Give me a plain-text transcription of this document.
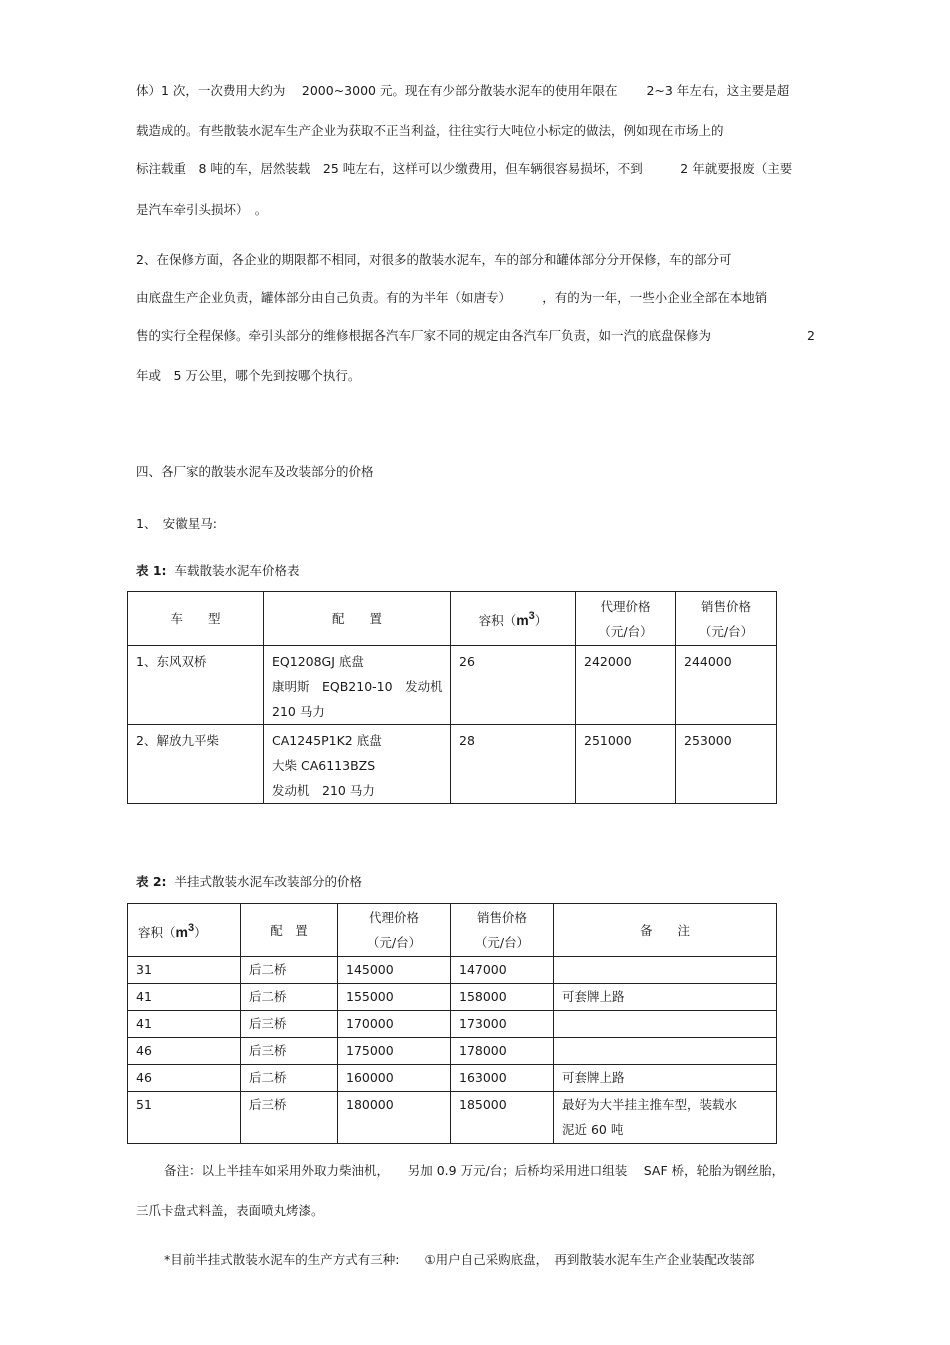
体）1 次，一次费用大约为　 2000~3000 元。现在有少部分散装水泥车的使用年限在　　 2~3 年左右，这主要是超
载造成的。有些散装水泥车生产企业为获取不正当利益，往往实行大吨位小标定的做法，例如现在市场上的
标注载重　8 吨的车，居然装载　25 吨左右，这样可以少缴费用，但车辆很容易损坏，不到　　　2 年就要报废（主要
是汽车牵引头损坏）　。
2、在保修方面，各企业的期限都不相同，对很多的散装水泥车，车的部分和罐体部分分开保修，车的部分可
由底盘生产企业负责，罐体部分由自己负责。有的为半年（如唐专）　　　，有的为一年，一些小企业全部在本地销
售的实行全程保修。牵引头部分的维修根据各汽车厂家不同的规定由各汽车厂负责，如一汽的底盘保修为	2
年或　5 万公里，哪个先到按哪个执行。
四、各厂家的散装水泥车及改装部分的价格
1、　安徽星马:
表 1: 车载散装水泥车价格表
车　　型	配　　置	容积（m3）	代理价格
（元/台）	销售价格
（元/台）

1、东风双桥	EQ1208GJ 底盘
康明斯　EQB210-10　发动机
210 马力	26	242000	244000

2、解放九平柴	CA1245P1K2 底盘
大柴 CA6113BZS
发动机　210 马力	28	251000	253000
表 2: 半挂式散装水泥车改装部分的价格
容积（m3）	配　置	代理价格
（元/台）	销售价格
（元/台）	备　　注

31	后二桥	145000	147000	

41	后二桥	155000	158000	可套牌上路

41	后三桥	170000	173000	

46	后三桥	175000	178000	

46	后二桥	160000	163000	可套牌上路

51	后三桥	180000	185000	最好为大半挂主推车型，装载水
泥近 60 吨
备注：以上半挂车如采用外取力柴油机，　　另加 0.9 万元/台；后桥均采用进口组装　 SAF 桥，轮胎为钢丝胎，
三爪卡盘式料盖，表面喷丸烤漆。
*目前半挂式散装水泥车的生产方式有三种:　　①用户自己采购底盘，　再到散装水泥车生产企业装配改装部
